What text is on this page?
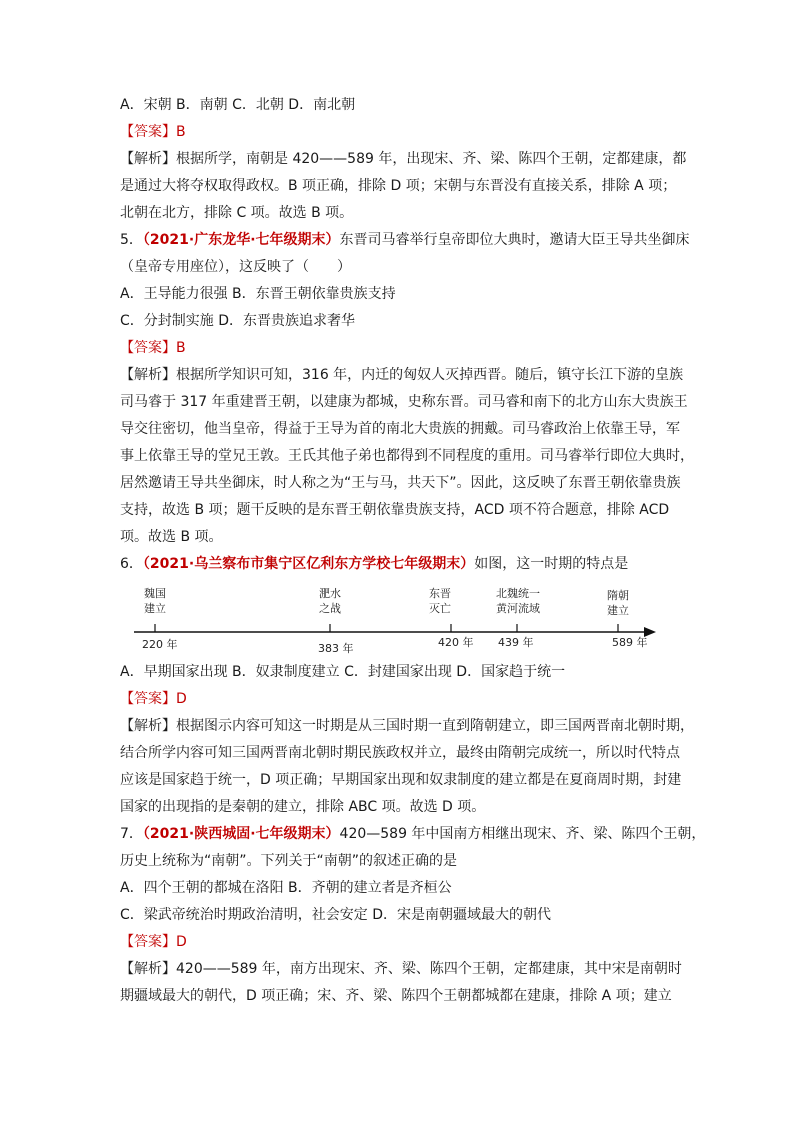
A．宋朝 B．南朝 C．北朝 D．南北朝
【答案】B
【解析】根据所学，南朝是 420——589 年，出现宋、齐、梁、陈四个王朝，定都建康，都
是通过大将夺权取得政权。B 项正确，排除 D 项；宋朝与东晋没有直接关系，排除 A 项；
北朝在北方，排除 C 项。故选 B 项。
5．（2021·广东龙华·七年级期末）东晋司马睿举行皇帝即位大典时，邀请大臣王导共坐御床
（皇帝专用座位），这反映了（　　）
A．王导能力很强 B．东晋王朝依靠贵族支持
C．分封制实施 D．东晋贵族追求奢华
【答案】B
【解析】根据所学知识可知，316 年，内迁的匈奴人灭掉西晋。随后，镇守长江下游的皇族
司马睿于 317 年重建晋王朝，以建康为都城，史称东晋。司马睿和南下的北方山东大贵族王
导交往密切，他当皇帝，得益于王导为首的南北大贵族的拥戴。司马睿政治上依靠王导，军
事上依靠王导的堂兄王敦。王氏其他子弟也都得到不同程度的重用。司马睿举行即位大典时，
居然邀请王导共坐御床，时人称之为“王与马，共天下”。因此，这反映了东晋王朝依靠贵族
支持，故选 B 项；题干反映的是东晋王朝依靠贵族支持，ACD 项不符合题意，排除 ACD
项。故选 B 项。
6．（2021·乌兰察布市集宁区亿利东方学校七年级期末）如图，这一时期的特点是
魏国
建立
220 年
淝水
之战
383 年
东晋
灭亡
420 年
北魏统一
黄河流域
439 年
隋朝
建立
589 年
A．早期国家出现 B．奴隶制度建立 C．封建国家出现 D．国家趋于统一
【答案】D
【解析】根据图示内容可知这一时期是从三国时期一直到隋朝建立，即三国两晋南北朝时期，
结合所学内容可知三国两晋南北朝时期民族政权并立，最终由隋朝完成统一，所以时代特点
应该是国家趋于统一，D 项正确；早期国家出现和奴隶制度的建立都是在夏商周时期，封建
国家的出现指的是秦朝的建立，排除 ABC 项。故选 D 项。
7．（2021·陕西城固·七年级期末）420—589 年中国南方相继出现宋、齐、梁、陈四个王朝，
历史上统称为“南朝”。下列关于“南朝”的叙述正确的是
A．四个王朝的都城在洛阳 B．齐朝的建立者是齐桓公
C．梁武帝统治时期政治清明，社会安定 D．宋是南朝疆域最大的朝代
【答案】D
【解析】420——589 年，南方出现宋、齐、梁、陈四个王朝，定都建康，其中宋是南朝时
期疆域最大的朝代，D 项正确；宋、齐、梁、陈四个王朝都城都在建康，排除 A 项；建立
